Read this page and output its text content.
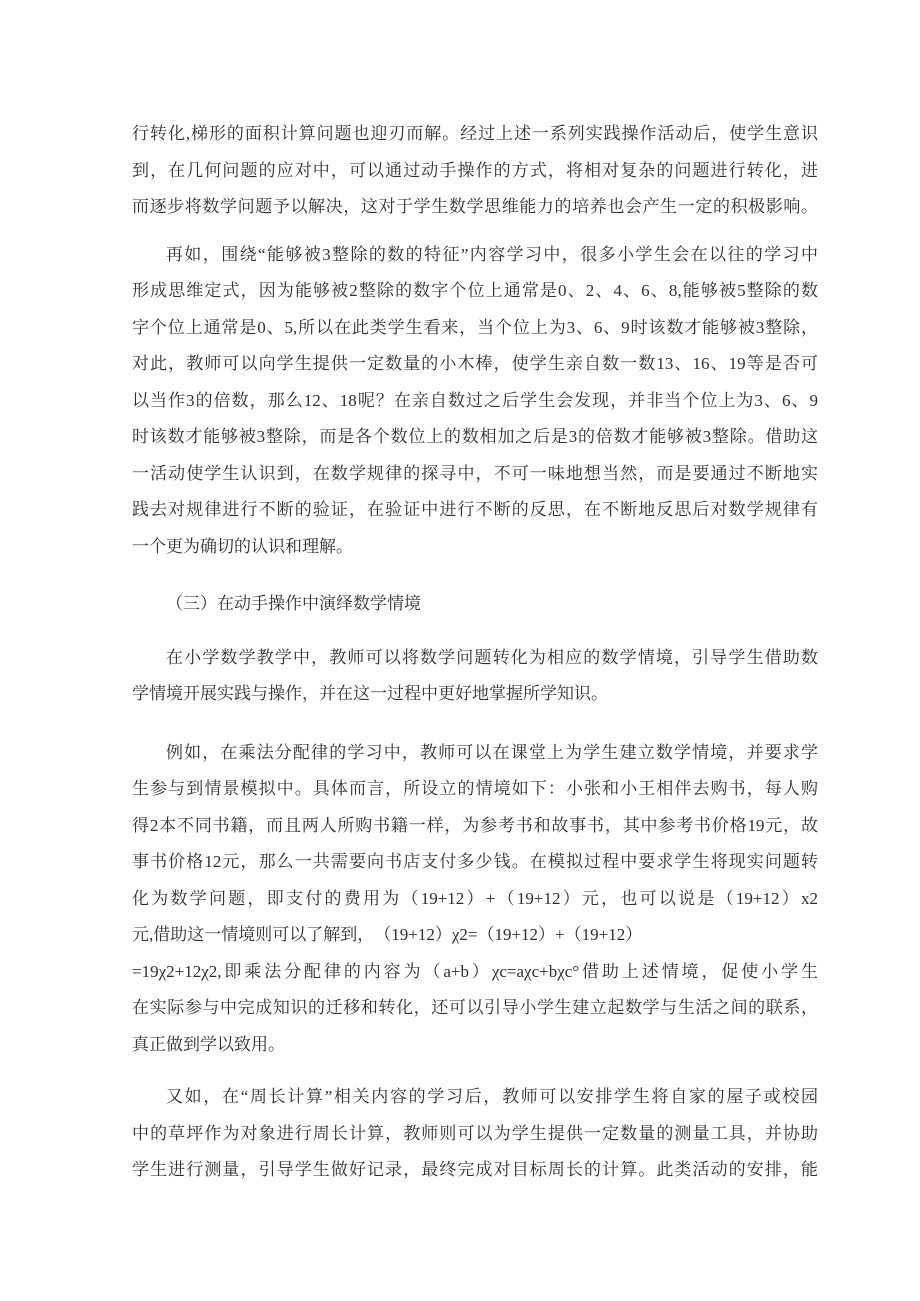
行转化,梯形的面积计算问题也迎刃而解。经过上述一系列实践操作活动后，使学生意识
到，在几何问题的应对中，可以通过动手操作的方式，将相对复杂的问题进行转化，进
而逐步将数学问题予以解决，这对于学生数学思维能力的培养也会产生一定的积极影响。
再如，围绕“能够被3整除的数的特征”内容学习中，很多小学生会在以往的学习中
形成思维定式，因为能够被2整除的数字个位上通常是0、2、4、6、8,能够被5整除的数
字个位上通常是0、5,所以在此类学生看来，当个位上为3、6、9时该数才能够被3整除，
对此，教师可以向学生提供一定数量的小木棒，使学生亲自数一数13、16、19等是否可
以当作3的倍数，那么12、18呢？在亲自数过之后学生会发现，并非当个位上为3、6、9
时该数才能够被3整除，而是各个数位上的数相加之后是3的倍数才能够被3整除。借助这
一活动使学生认识到，在数学规律的探寻中，不可一味地想当然，而是要通过不断地实
践去对规律进行不断的验证，在验证中进行不断的反思，在不断地反思后对数学规律有
一个更为确切的认识和理解。
（三）在动手操作中演绎数学情境
在小学数学教学中，教师可以将数学问题转化为相应的数学情境，引导学生借助数
学情境开展实践与操作，并在这一过程中更好地掌握所学知识。
例如，在乘法分配律的学习中，教师可以在课堂上为学生建立数学情境，并要求学
生参与到情景模拟中。具体而言，所设立的情境如下：小张和小王相伴去购书，每人购
得2本不同书籍，而且两人所购书籍一样，为参考书和故事书，其中参考书价格19元，故
事书价格12元，那么一共需要向书店支付多少钱。在模拟过程中要求学生将现实问题转
化为数学问题，即支付的费用为（19+12）+（19+12）元，也可以说是（19+12）x2
元,借助这一情境则可以了解到，　（19+12）χ2=（19+12）+（19+12）
=19χ2+12χ2,即乘法分配律的内容为（a+b）χc=aχc+bχc°借助上述情境，促使小学生
在实际参与中完成知识的迁移和转化，还可以引导小学生建立起数学与生活之间的联系，
真正做到学以致用。
又如，在“周长计算”相关内容的学习后，教师可以安排学生将自家的屋子或校园
中的草坪作为对象进行周长计算，教师则可以为学生提供一定数量的测量工具，并协助
学生进行测量，引导学生做好记录，最终完成对目标周长的计算。此类活动的安排，能
